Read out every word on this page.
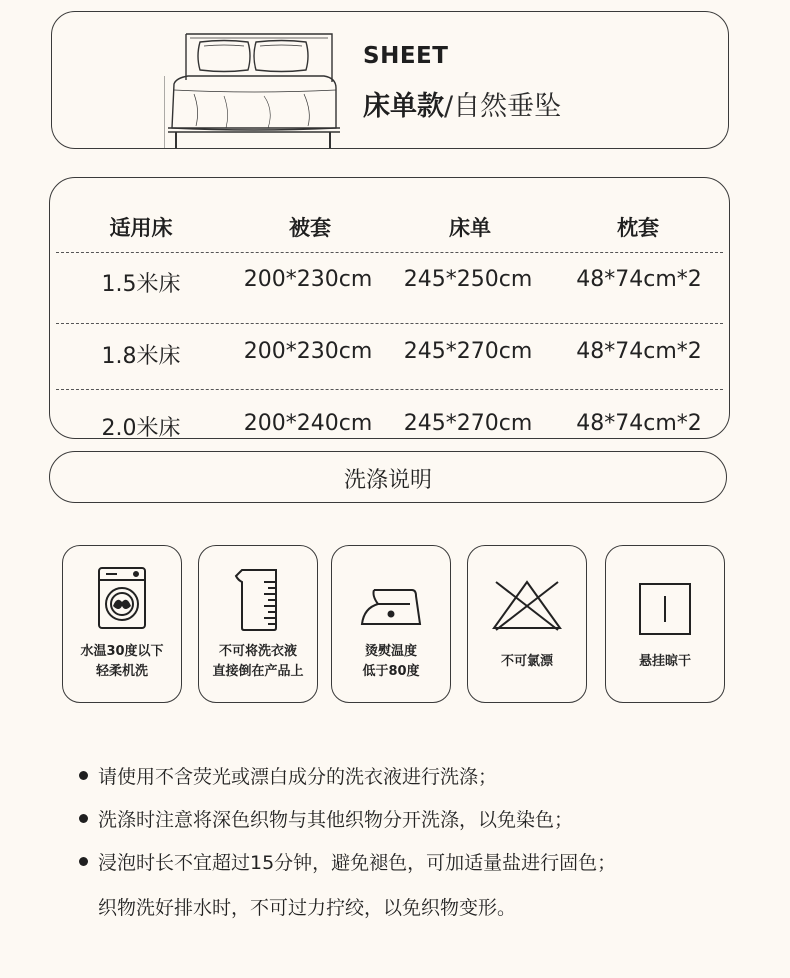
SHEET
床单款/自然垂坠
适用床	被套	床单	枕套
1.5米床	200*230cm 245*250cm 48*74cm*2
1.8米床	200*230cm 245*270cm 48*74cm*2
2.0米床	200*240cm 245*270cm 48*74cm*2
洗涤说明
水温30度以下
轻柔机洗
不可将洗衣液
直接倒在产品上
烫熨温度
低于80度
不可氯漂	悬挂晾干
请使用不含荧光或漂白成分的洗衣液进行洗涤；
洗涤时注意将深色织物与其他织物分开洗涤，以免染色；
浸泡时长不宜超过15分钟，避免褪色，可加适量盐进行固色；
织物洗好排水时，不可过力拧绞，以免织物变形。
